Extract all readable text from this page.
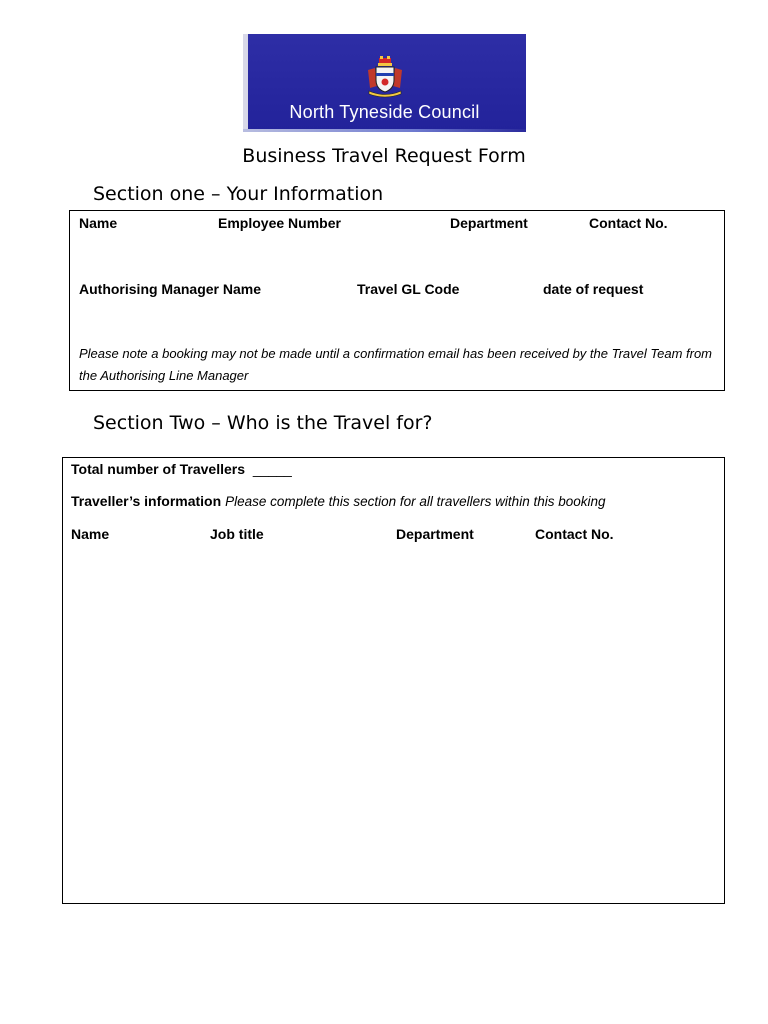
North Tyneside Council
Business Travel Request Form
Section one – Your Information
Name	Employee Number	Department	Contact No.
Authorising Manager Name	Travel GL Code	date of request
Please note a booking may not be made until a confirmation email has been received by the Travel Team from the Authorising Line Manager
Section Two – Who is the Travel for?
Total number of Travellers _____
Traveller’s information Please complete this section for all travellers within this booking
Name	Job title	Department	Contact No.
